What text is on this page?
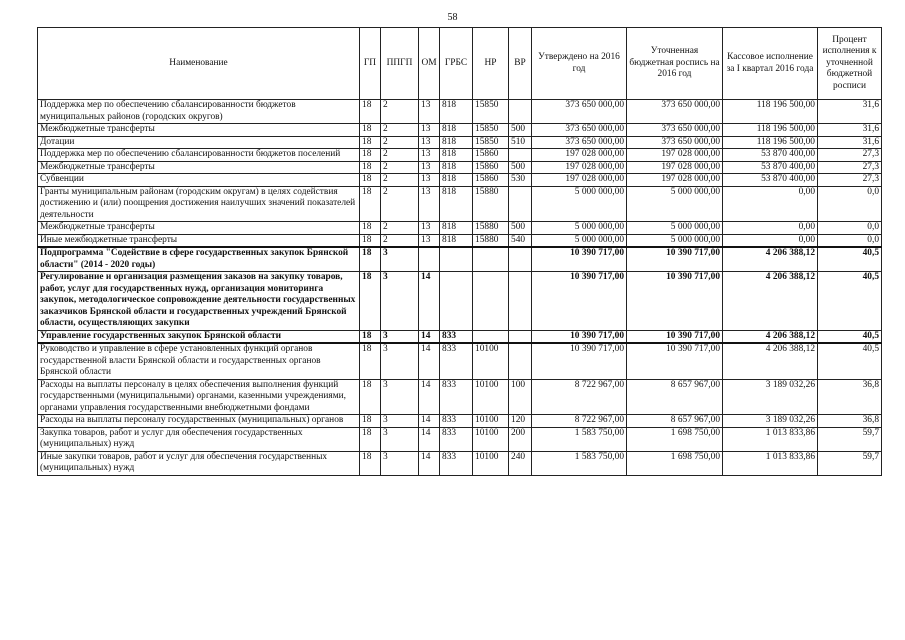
58
Наименование	ГП	ППГП	ОМ	ГРБС	НР	ВР	Утверждено на 2016 год	Уточненная бюджетная роспись на 2016 год	Кассовое исполнение за I квартал 2016 года	Процент исполнения к уточненной бюджетной росписи
Поддержка мер по обеспечению сбалансированности бюджетов муниципальных районов (городских округов)	18	2	13	818	15850		373 650 000,00	373 650 000,00	118 196 500,00	31,6
Межбюджетные трансферты	18	2	13	818	15850	500	373 650 000,00	373 650 000,00	118 196 500,00	31,6
Дотации	18	2	13	818	15850	510	373 650 000,00	373 650 000,00	118 196 500,00	31,6
Поддержка мер по обеспечению сбалансированности бюджетов поселений	18	2	13	818	15860		197 028 000,00	197 028 000,00	53 870 400,00	27,3
Межбюджетные трансферты	18	2	13	818	15860	500	197 028 000,00	197 028 000,00	53 870 400,00	27,3
Субвенции	18	2	13	818	15860	530	197 028 000,00	197 028 000,00	53 870 400,00	27,3
Гранты муниципальным районам (городским округам) в целях содействия достижению и (или) поощрения достижения наилучших значений показателей деятельности	18	2	13	818	15880		5 000 000,00	5 000 000,00	0,00	0,0
Межбюджетные трансферты	18	2	13	818	15880	500	5 000 000,00	5 000 000,00	0,00	0,0
Иные межбюджетные трансферты	18	2	13	818	15880	540	5 000 000,00	5 000 000,00	0,00	0,0
Подпрограмма "Содействие в сфере государственных закупок Брянской области" (2014 - 2020 годы)	18	3					10 390 717,00	10 390 717,00	4 206 388,12	40,5
Регулирование и организация размещения заказов на закупку товаров, работ, услуг для государственных нужд, организация мониторинга закупок, методологическое сопровождение деятельности государственных заказчиков Брянской области и государственных учреждений Брянской области, осуществляющих закупки	18	3	14				10 390 717,00	10 390 717,00	4 206 388,12	40,5
Управление государственных закупок Брянской области	18	3	14	833			10 390 717,00	10 390 717,00	4 206 388,12	40,5
Руководство и управление в сфере установленных функций органов государственной власти Брянской области и государственных органов Брянской области	18	3	14	833	10100		10 390 717,00	10 390 717,00	4 206 388,12	40,5
Расходы на выплаты персоналу в целях обеспечения выполнения функций государственными (муниципальными) органами, казенными учреждениями, органами управления государственными внебюджетными фондами	18	3	14	833	10100	100	8 722 967,00	8 657 967,00	3 189 032,26	36,8
Расходы на выплаты персоналу государственных (муниципальных) органов	18	3	14	833	10100	120	8 722 967,00	8 657 967,00	3 189 032,26	36,8
Закупка товаров, работ и услуг для обеспечения государственных (муниципальных) нужд	18	3	14	833	10100	200	1 583 750,00	1 698 750,00	1 013 833,86	59,7
Иные закупки товаров, работ и услуг для обеспечения государственных (муниципальных) нужд	18	3	14	833	10100	240	1 583 750,00	1 698 750,00	1 013 833,86	59,7
